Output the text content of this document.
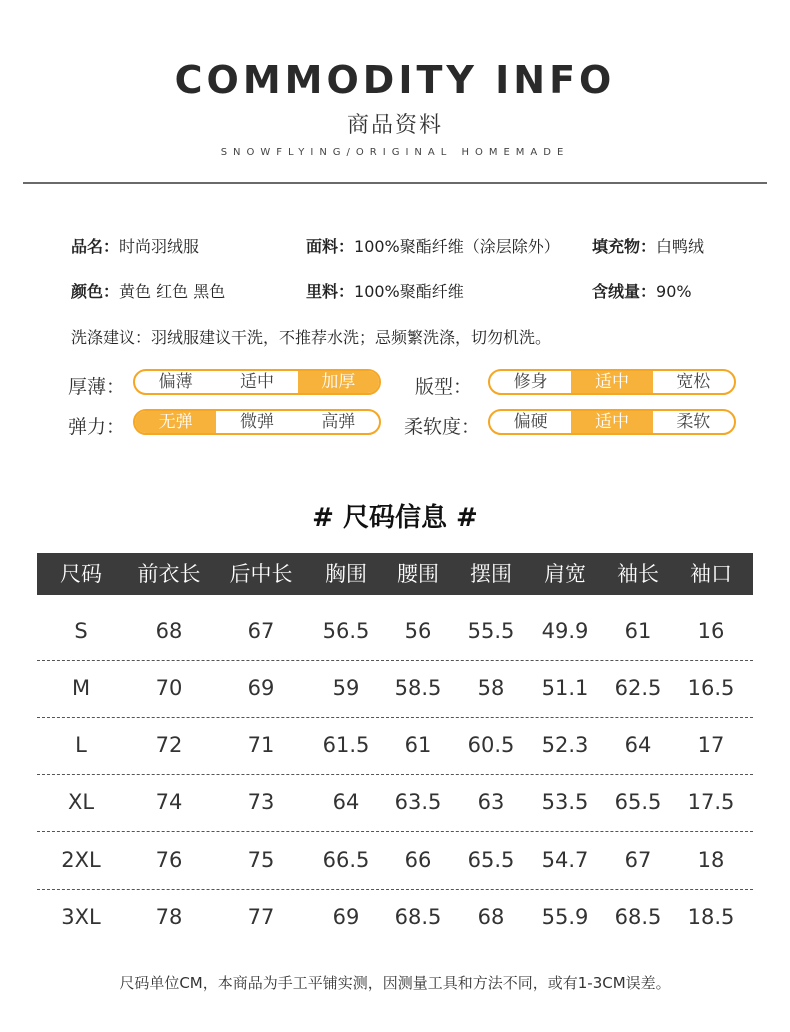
COMMODITY INFO
商品资料
SNOWFLYING/ORIGINAL HOMEMADE
品名：时尚羽绒服	面料：100%聚酯纤维（涂层除外） 填充物：白鸭绒
颜色：黄色 红色 黑色	里料：100%聚酯纤维	含绒量：90%
洗涤建议：羽绒服建议干洗，不推荐水洗；忌频繁洗涤，切勿机洗。
厚薄：	偏薄	适中	加厚	版型：	修身	适中	宽松
弹力：	无弹	微弹	高弹	柔软度：	偏硬	适中	柔软
# 尺码信息 #
尺码	前衣长	后中长	胸围	腰围	摆围	肩宽	袖长	袖口
S	68	67	56.5	56	55.5	49.9	61	16
M	70	69	59	58.5	58	51.1	62.5	16.5
L	72	71	61.5	61	60.5	52.3	64	17
XL	74	73	64	63.5	63	53.5	65.5	17.5
2XL	76	75	66.5	66	65.5	54.7	67	18
3XL	78	77	69	68.5	68	55.9	68.5	18.5
尺码单位CM，本商品为手工平铺实测，因测量工具和方法不同，或有1-3CM误差。
